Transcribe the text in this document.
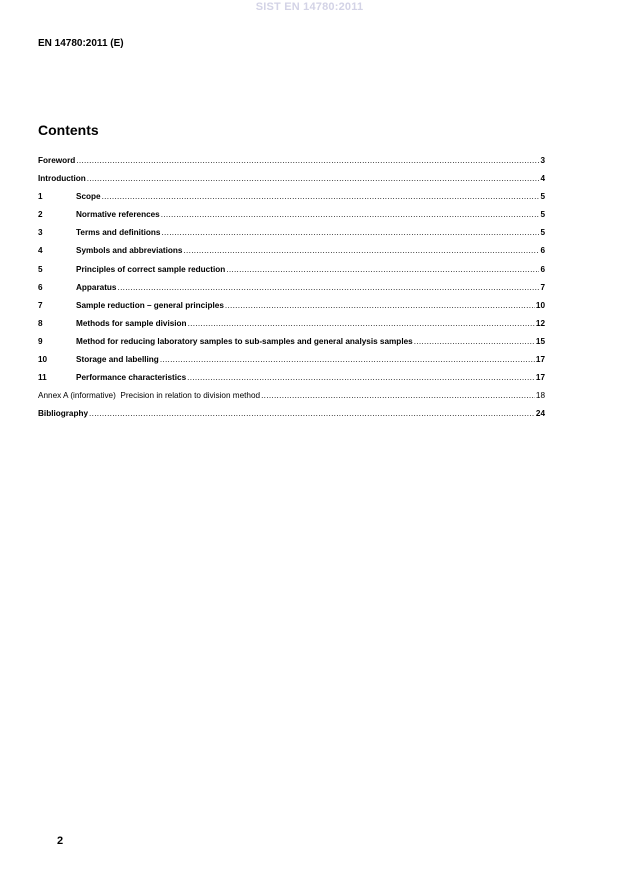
SIST EN 14780:2011
EN 14780:2011 (E)
Contents
Foreword .....	3
Introduction .....	4
1	Scope .....	5
2	Normative references .....	5
3	Terms and definitions .....	5
4	Symbols and abbreviations .....	6
5	Principles of correct sample reduction .....	6
6	Apparatus .....	7
7	Sample reduction – general principles .....	10
8	Methods for sample division .....	12
9	Method for reducing laboratory samples to sub-samples and general analysis samples .....	15
10	Storage and labelling .....	17
11	Performance characteristics .....	17
Annex A (informative)  Precision in relation to division method .....	18
Bibliography .....	24
2
